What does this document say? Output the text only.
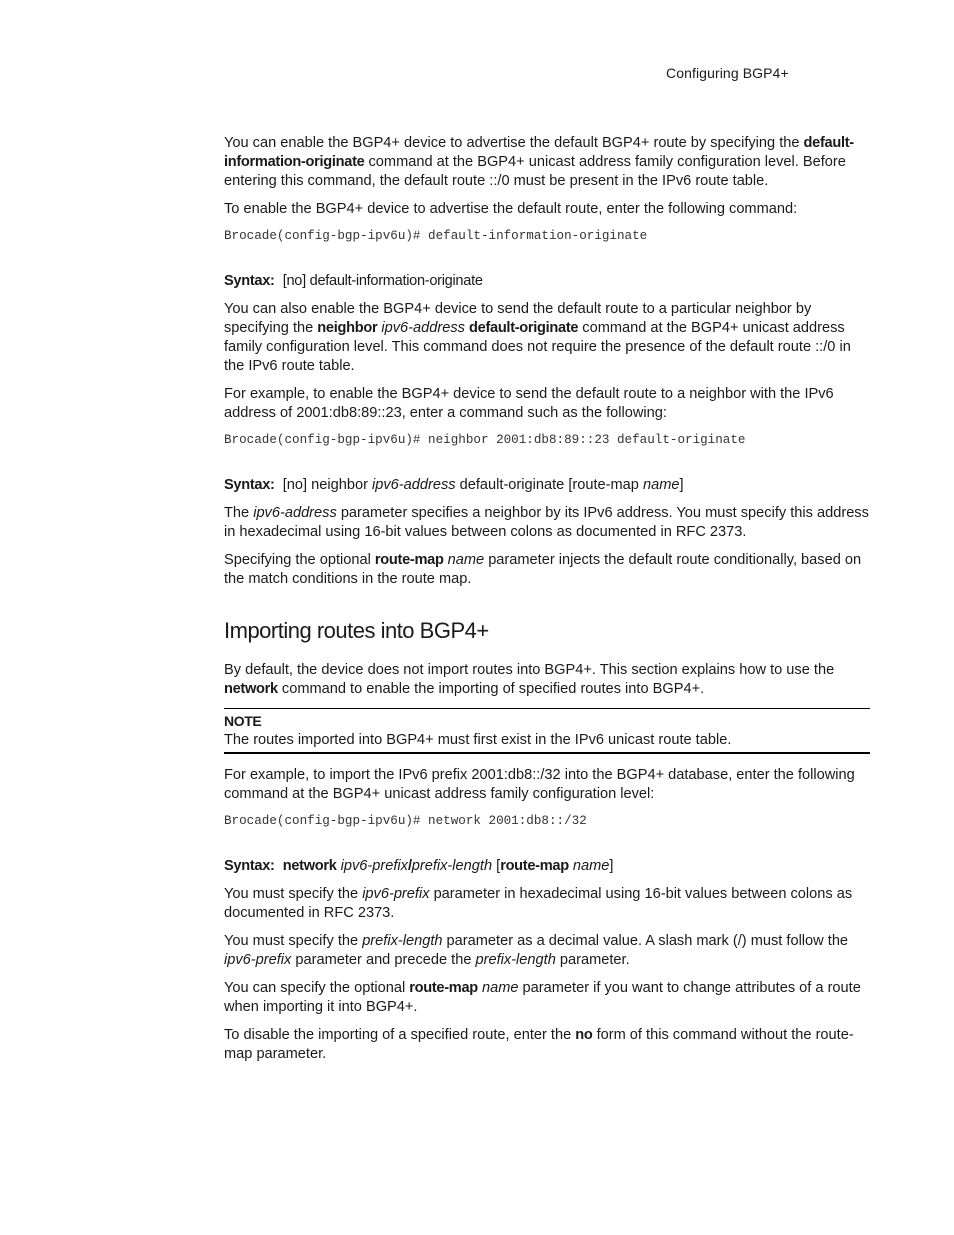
Configuring BGP4+

You can enable the BGP4+ device to advertise the default BGP4+ route by specifying the default-information-originate command at the BGP4+ unicast address family configuration level. Before entering this command, the default route ::/0 must be present in the IPv6 route table.

To enable the BGP4+ device to advertise the default route, enter the following command:

Brocade(config-bgp-ipv6u)# default-information-originate

Syntax: [no] default-information-originate

You can also enable the BGP4+ device to send the default route to a particular neighbor by specifying the neighbor ipv6-address default-originate command at the BGP4+ unicast address family configuration level. This command does not require the presence of the default route ::/0 in the IPv6 route table.

For example, to enable the BGP4+ device to send the default route to a neighbor with the IPv6 address of 2001:db8:89::23, enter a command such as the following:

Brocade(config-bgp-ipv6u)# neighbor 2001:db8:89::23 default-originate

Syntax: [no] neighbor ipv6-address default-originate [route-map name]

The ipv6-address parameter specifies a neighbor by its IPv6 address. You must specify this address in hexadecimal using 16-bit values between colons as documented in RFC 2373.

Specifying the optional route-map name parameter injects the default route conditionally, based on the match conditions in the route map.

Importing routes into BGP4+

By default, the device does not import routes into BGP4+. This section explains how to use the network command to enable the importing of specified routes into BGP4+.

NOTE
The routes imported into BGP4+ must first exist in the IPv6 unicast route table.

For example, to import the IPv6 prefix 2001:db8::/32 into the BGP4+ database, enter the following command at the BGP4+ unicast address family configuration level:

Brocade(config-bgp-ipv6u)# network 2001:db8::/32

Syntax: network ipv6-prefix/prefix-length [route-map name]

You must specify the ipv6-prefix parameter in hexadecimal using 16-bit values between colons as documented in RFC 2373.

You must specify the prefix-length parameter as a decimal value. A slash mark (/) must follow the ipv6-prefix parameter and precede the prefix-length parameter.

You can specify the optional route-map name parameter if you want to change attributes of a route when importing it into BGP4+.

To disable the importing of a specified route, enter the no form of this command without the route-map parameter.
